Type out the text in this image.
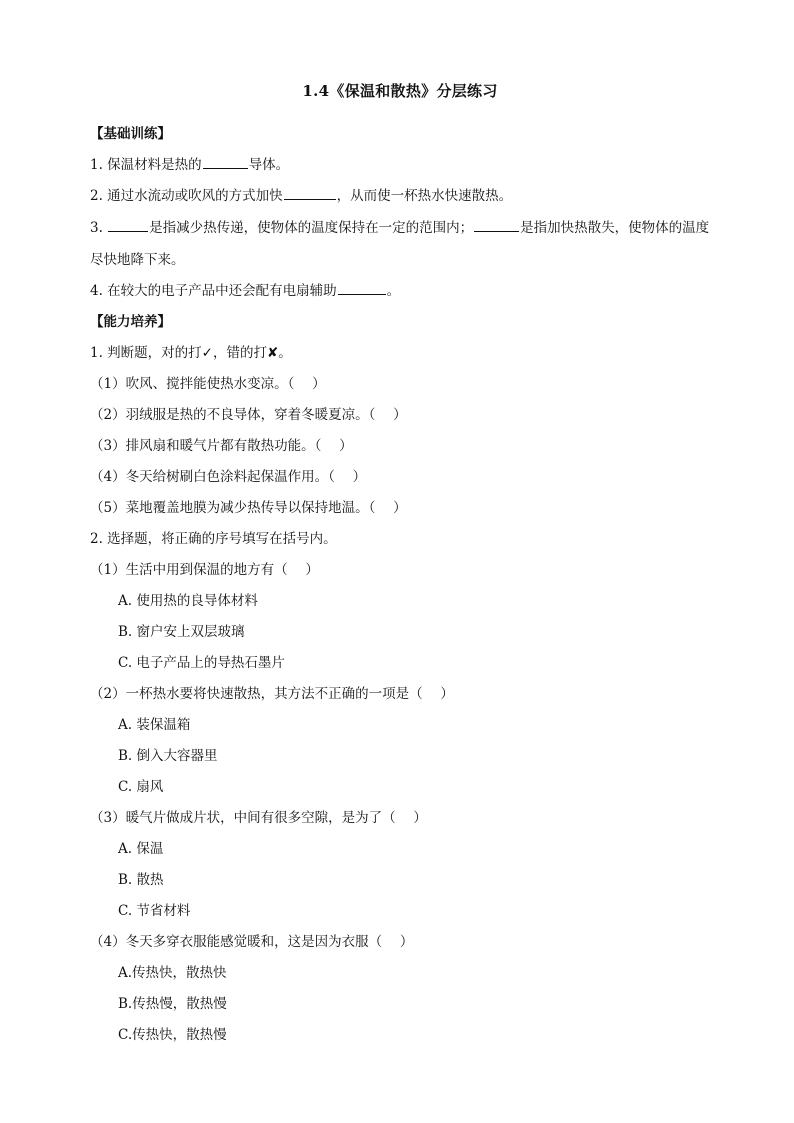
1.4《保温和散热》分层练习
【基础训练】
1. 保温材料是热的	导体。
2. 通过水流动或吹风的方式加快	，从而使一杯热水快速散热。
3.	是指减少热传递，使物体的温度保持在一定的范围内；	是指加快热散失，使物体的温度尽快地降下来。
4. 在较大的电子产品中还会配有电扇辅助	。
【能力培养】
1. 判断题，对的打✓，错的打✘。
（1）吹风、搅拌能使热水变凉。（　 ）
（2）羽绒服是热的不良导体，穿着冬暖夏凉。（　 ）
（3）排风扇和暖气片都有散热功能。（　 ）
（4）冬天给树刷白色涂料起保温作用。（　 ）
（5）菜地覆盖地膜为减少热传导以保持地温。（　 ）
2. 选择题，将正确的序号填写在括号内。
（1）生活中用到保温的地方有（　 ）
A. 使用热的良导体材料
B. 窗户安上双层玻璃
C. 电子产品上的导热石墨片
（2）一杯热水要将快速散热，其方法不正确的一项是（　 ）
A. 装保温箱
B. 倒入大容器里
C. 扇风
（3）暖气片做成片状，中间有很多空隙，是为了（　 ）
A. 保温
B. 散热
C. 节省材料
（4）冬天多穿衣服能感觉暖和，这是因为衣服（　 ）
A.传热快，散热快
B.传热慢，散热慢
C.传热快，散热慢
